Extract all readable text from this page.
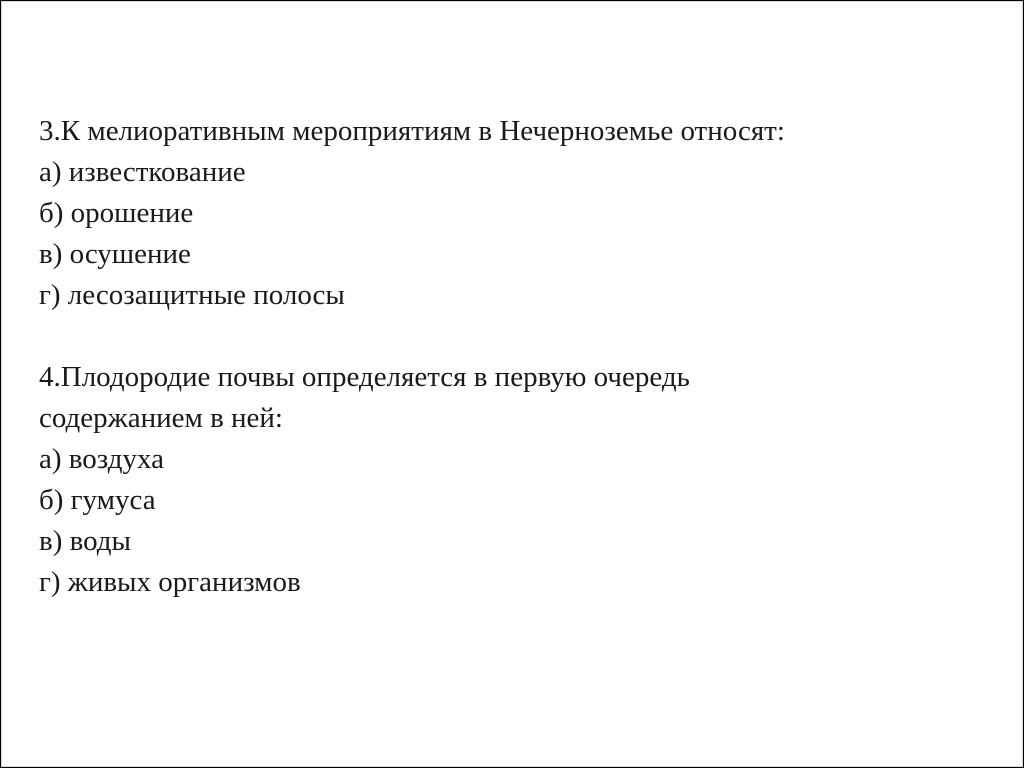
3.К мелиоративным мероприятиям в Нечерноземье относят:
а) известкование
б) орошение
в) осушение
г) лесозащитные полосы
4.Плодородие почвы определяется в первую очередь
содержанием в ней:
а) воздуха
б) гумуса
в) воды
г) живых организмов
